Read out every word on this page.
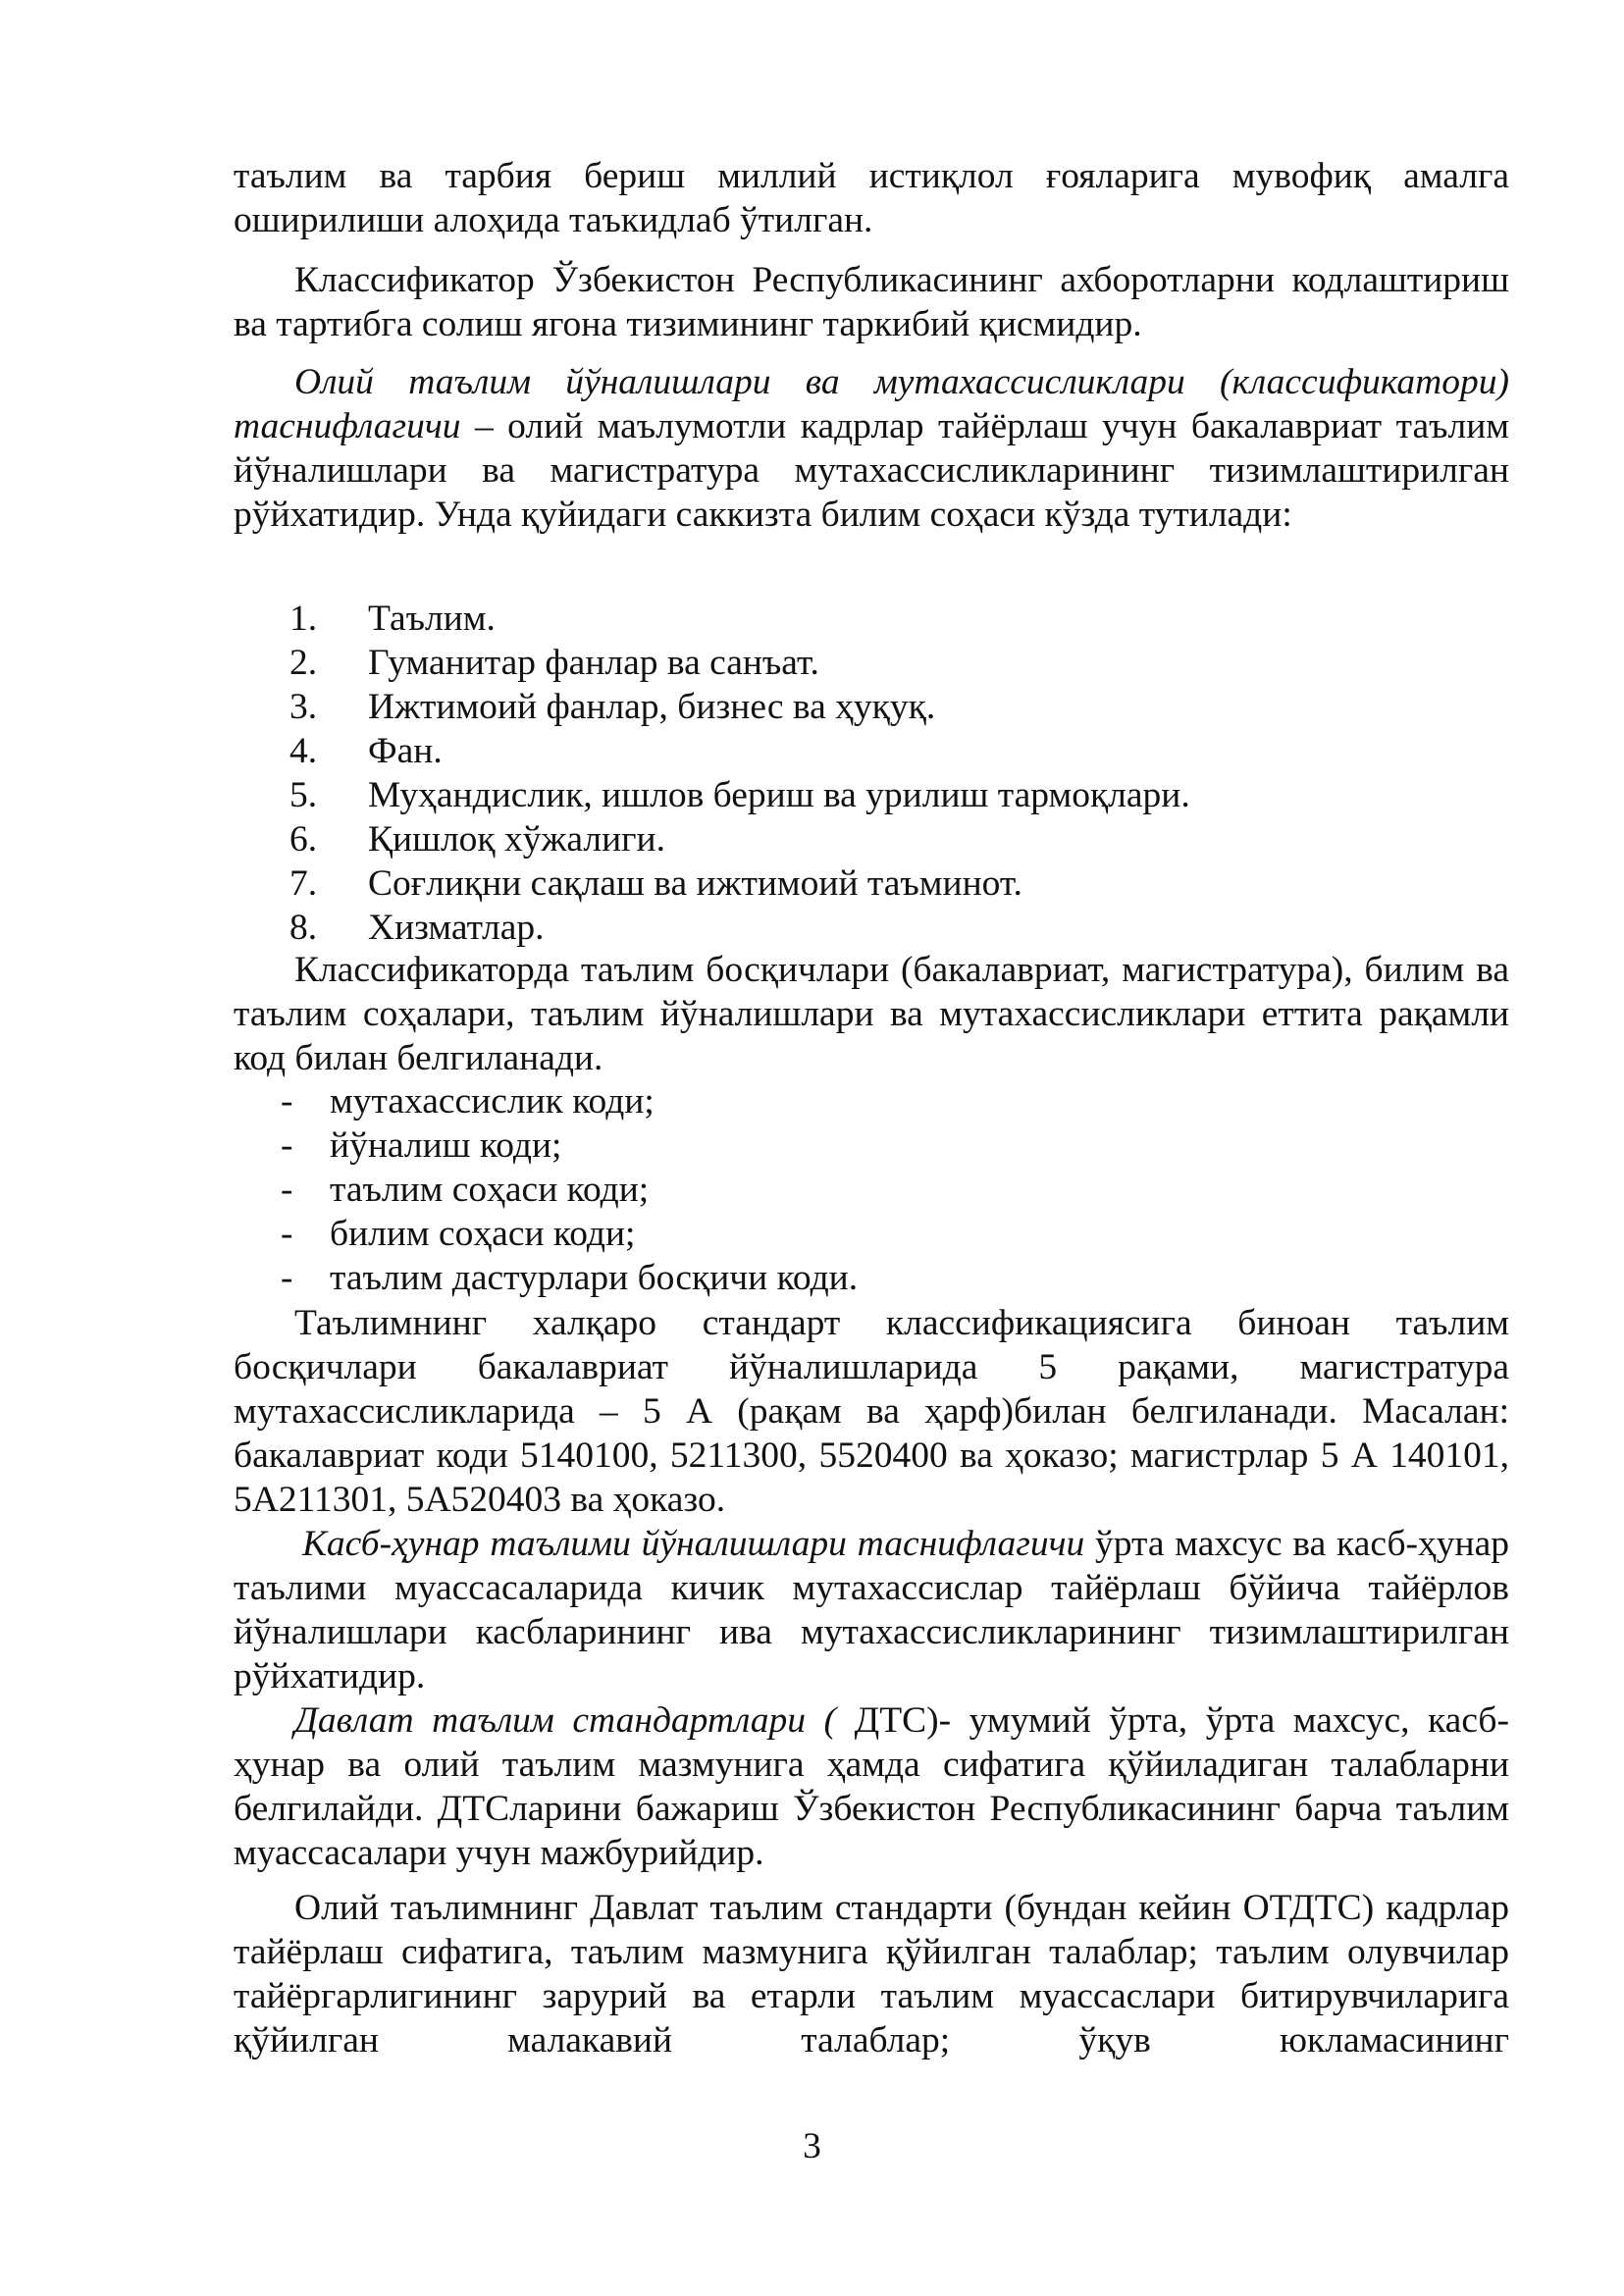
таълим ва тарбия бериш миллий истиқлол ғояларига мувофиқ амалга
оширилиши алоҳида таъкидлаб ўтилган.

Классификатор Ўзбекистон Республикасининг ахборотларни кодлаштириш ва тартибга солиш ягона тизимининг таркибий қисмидир.

Олий таълим йўналишлари ва мутахассисликлари (классификатори) таснифлагичи – олий маълумотли кадрлар тайёрлаш учун бакалавриат таълим йўналишлари ва магистратура мутахассисликларининг тизимлаштирилган рўйхатидир. Унда қуйидаги саккизта билим соҳаси кўзда тутилади:

1. Таълим.
2. Гуманитар фанлар ва санъат.
3. Ижтимоий фанлар, бизнес ва ҳуқуқ.
4. Фан.
5. Муҳандислик, ишлов бериш ва урилиш тармоқлари.
6. Қишлоқ хўжалиги.
7. Соғлиқни сақлаш ва ижтимоий таъминот.
8. Хизматлар.

Классификаторда таълим босқичлари (бакалавриат, магистратура), билим ва таълим соҳалари, таълим йўналишлари ва мутахассисликлари еттита рақамли код билан белгиланади.

- мутахассислик коди;
- йўналиш коди;
- таълим соҳаси коди;
- билим соҳаси коди;
- таълим дастурлари босқичи коди.

Таълимнинг халқаро стандарт классификациясига биноан таълим босқичлари бакалавриат йўналишларида 5 рақами, магистратура мутахассисликларида – 5 А (рақам ва ҳарф)билан белгиланади. Масалан: бакалавриат коди 5140100, 5211300, 5520400 ва ҳоказо; магистрлар 5 А 140101, 5А211301, 5А520403 ва ҳоказо.

Касб-ҳунар таълими йўналишлари таснифлагичи ўрта махсус ва касб-ҳунар таълими муассасаларида кичик мутахассислар тайёрлаш бўйича тайёрлов йўналишлари касбларининг ива мутахассисликларининг тизимлаштирилган рўйхатидир.

Давлат таълим стандартлари ( ДТС)- умумий ўрта, ўрта махсус, касб-ҳунар ва олий таълим мазмунига ҳамда сифатига қўйиладиган талабларни белгилайди. ДТСларини бажариш Ўзбекистон Республикасининг барча таълим муассасалари учун мажбурийдир.

Олий таълимнинг Давлат таълим стандарти (бундан кейин ОТДТС) кадрлар тайёрлаш сифатига, таълим мазмунига қўйилган талаблар; таълим олувчилар тайёргарлигининг зарурий ва етарли таълим муассаслари битирувчиларига қўйилган малакавий талаблар; ўқув юкламасининг

3
